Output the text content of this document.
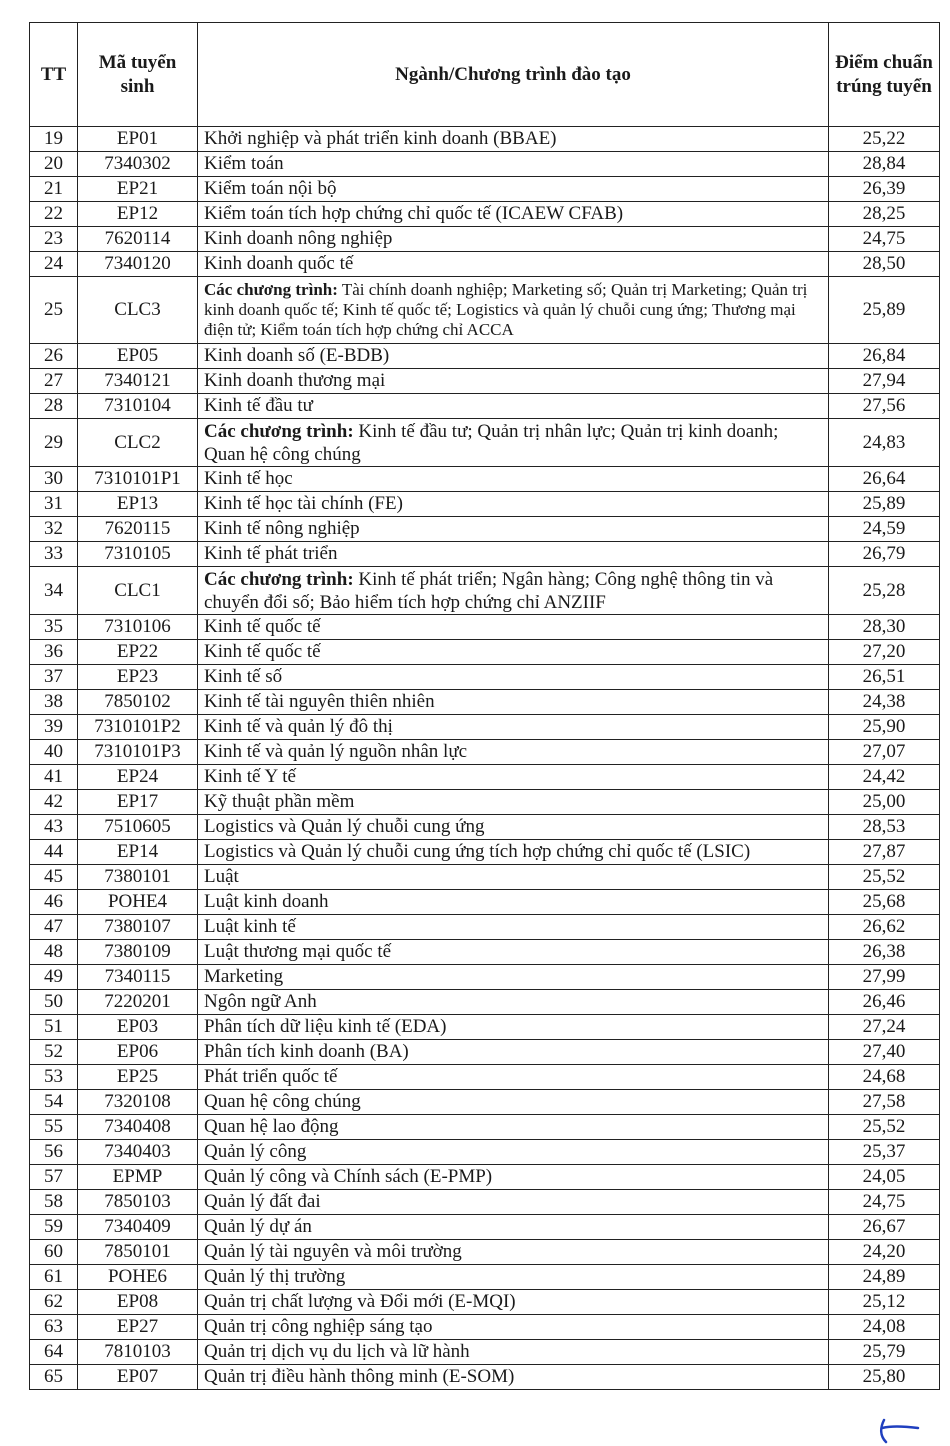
TT	Mã tuyển sinh	Ngành/Chương trình đào tạo	Điểm chuẩn trúng tuyển
19	EP01	Khởi nghiệp và phát triển kinh doanh (BBAE)	25,22
20	7340302	Kiểm toán	28,84
21	EP21	Kiểm toán nội bộ	26,39
22	EP12	Kiểm toán tích hợp chứng chỉ quốc tế (ICAEW CFAB)	28,25
23	7620114	Kinh doanh nông nghiệp	24,75
24	7340120	Kinh doanh quốc tế	28,50
25	CLC3	Các chương trình: Tài chính doanh nghiệp; Marketing số; Quản trị Marketing; Quản trị kinh doanh quốc tế; Kinh tế quốc tế; Logistics và quản lý chuỗi cung ứng; Thương mại điện tử; Kiểm toán tích hợp chứng chỉ ACCA	25,89
26	EP05	Kinh doanh số (E-BDB)	26,84
27	7340121	Kinh doanh thương mại	27,94
28	7310104	Kinh tế đầu tư	27,56
29	CLC2	Các chương trình: Kinh tế đầu tư; Quản trị nhân lực; Quản trị kinh doanh; Quan hệ công chúng	24,83
30	7310101P1	Kinh tế học	26,64
31	EP13	Kinh tế học tài chính (FE)	25,89
32	7620115	Kinh tế nông nghiệp	24,59
33	7310105	Kinh tế phát triển	26,79
34	CLC1	Các chương trình: Kinh tế phát triển; Ngân hàng; Công nghệ thông tin và chuyển đổi số; Bảo hiểm tích hợp chứng chỉ ANZIIF	25,28
35	7310106	Kinh tế quốc tế	28,30
36	EP22	Kinh tế quốc tế	27,20
37	EP23	Kinh tế số	26,51
38	7850102	Kinh tế tài nguyên thiên nhiên	24,38
39	7310101P2	Kinh tế và quản lý đô thị	25,90
40	7310101P3	Kinh tế và quản lý nguồn nhân lực	27,07
41	EP24	Kinh tế Y tế	24,42
42	EP17	Kỹ thuật phần mềm	25,00
43	7510605	Logistics và Quản lý chuỗi cung ứng	28,53
44	EP14	Logistics và Quản lý chuỗi cung ứng tích hợp chứng chỉ quốc tế (LSIC)	27,87
45	7380101	Luật	25,52
46	POHE4	Luật kinh doanh	25,68
47	7380107	Luật kinh tế	26,62
48	7380109	Luật thương mại quốc tế	26,38
49	7340115	Marketing	27,99
50	7220201	Ngôn ngữ Anh	26,46
51	EP03	Phân tích dữ liệu kinh tế (EDA)	27,24
52	EP06	Phân tích kinh doanh (BA)	27,40
53	EP25	Phát triển quốc tế	24,68
54	7320108	Quan hệ công chúng	27,58
55	7340408	Quan hệ lao động	25,52
56	7340403	Quản lý công	25,37
57	EPMP	Quản lý công và Chính sách (E-PMP)	24,05
58	7850103	Quản lý đất đai	24,75
59	7340409	Quản lý dự án	26,67
60	7850101	Quản lý tài nguyên và môi trường	24,20
61	POHE6	Quản lý thị trường	24,89
62	EP08	Quản trị chất lượng và Đổi mới (E-MQI)	25,12
63	EP27	Quản trị công nghiệp sáng tạo	24,08
64	7810103	Quản trị dịch vụ du lịch và lữ hành	25,79
65	EP07	Quản trị điều hành thông minh (E-SOM)	25,80
